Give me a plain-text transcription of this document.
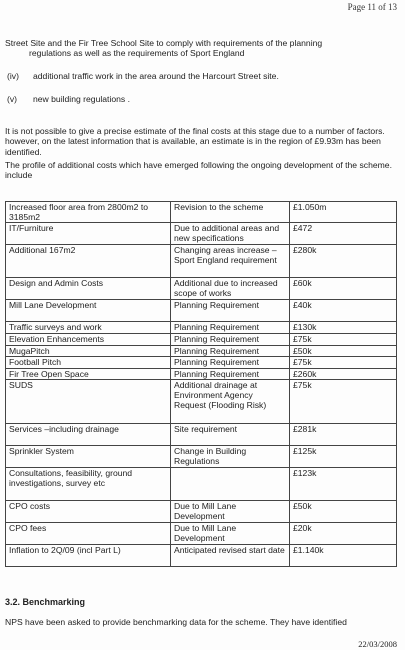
Page 11 of 13

Street Site and the Fir Tree School Site to comply with requirements of the planning
regulations as well as the requirements of Sport England

(iv) additional traffic work in the area around the Harcourt Street site.
(v) new building regulations .

It is not possible to give a precise estimate of the final costs at this stage due to a number of factors. however, on the latest information that is available, an estimate is in the region of £9.93m has been identified.

The profile of additional costs which have emerged following the ongoing development of the scheme. include

Increased floor area from 2800m2 to 3185m2	Revision to the scheme	£1.050m
IT/Furniture	Due to additional areas and new specifications	£472
Additional 167m2	Changing areas increase – Sport England requirement	£280k
Design and Admin Costs	Additional due to increased scope of works	£60k
Mill Lane Development	Planning Requirement	£40k
Traffic surveys and work	Planning Requirement	£130k
Elevation Enhancements	Planning Requirement	£75k
MugaPitch	Planning Requirement	£50k
Football Pitch	Planning Requirement	£75k
Fir Tree Open Space	Planning Requirement	£260k
SUDS	Additional drainage at Environment Agency Request (Flooding Risk)	£75k
Services –including drainage	Site requirement	£281k
Sprinkler System	Change in Building Regulations	£125k
Consultations, feasibility, ground investigations, survey etc		£123k
CPO costs	Due to Mill Lane Development	£50k
CPO fees	Due to Mill Lane Development	£20k
Inflation to 2Q/09 (incl Part L)	Anticipated revised start date	£1.140k
3.2. Benchmarking

NPS have been asked to provide benchmarking data for the scheme. They have identified

22/03/2008
